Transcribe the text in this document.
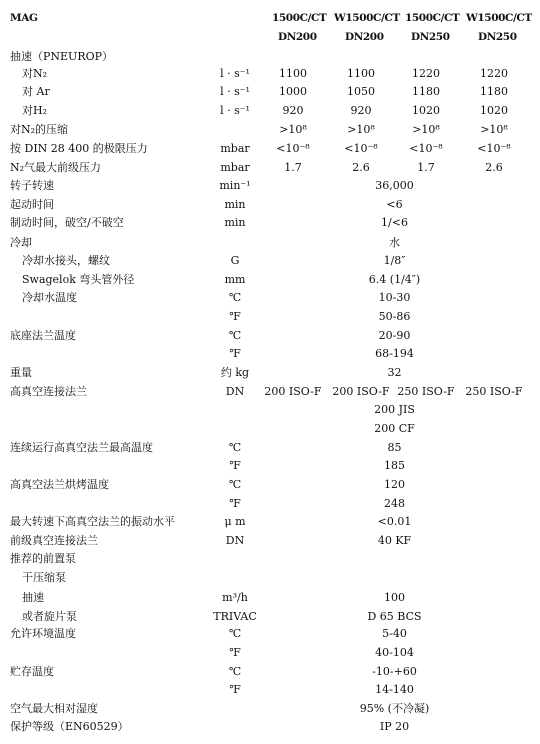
MAG	1500C/CT W1500C/CT 1500C/CT W1500C/CT
DN200	DN200	DN250	DN250
抽速（PNEUROP）
对N₂	l · s⁻¹	1100	1100	1220	1220
对 Ar	l · s⁻¹	1000	1050	1180	1180
对H₂	l · s⁻¹	920	920	1020	1020
对N₂的压缩	>10⁸	>10⁸	>10⁸	>10⁸
按 DIN 28 400 的极限压力	mbar	<10⁻⁸	<10⁻⁸	<10⁻⁸	<10⁻⁸
N₂气最大前级压力	mbar	1.7	2.6	1.7	2.6
转子转速	min⁻¹	36,000
起动时间	min	<6
制动时间，破空/不破空	min	1/<6
冷却	水
冷却水接头，螺纹	G	1/8″
Swagelok 弯头管外径	mm	6.4 (1/4″)
冷却水温度	℃	10-30
℉	50-86
底座法兰温度	℃	20-90
℉	68-194
重量	约 kg	32
高真空连接法兰	DN	200 ISO-F 200 ISO-F 250 ISO-F 250 ISO-F
200 JIS
200 CF
连续运行高真空法兰最高温度	℃	85
℉	185
高真空法兰烘烤温度	℃	120
℉	248
最大转速下高真空法兰的振动水平	μ m	<0.01
前级真空连接法兰	DN	40 KF
推荐的前置泵
干压缩泵
抽速	m³/h	100
或者旋片泵	TRIVAC	D 65 BCS
允许环境温度	℃	5-40
℉	40-104
贮存温度	℃	-10-+60
℉	14-140
空气最大相对湿度	95% (不冷凝)
保护等级（EN60529）	IP 20
